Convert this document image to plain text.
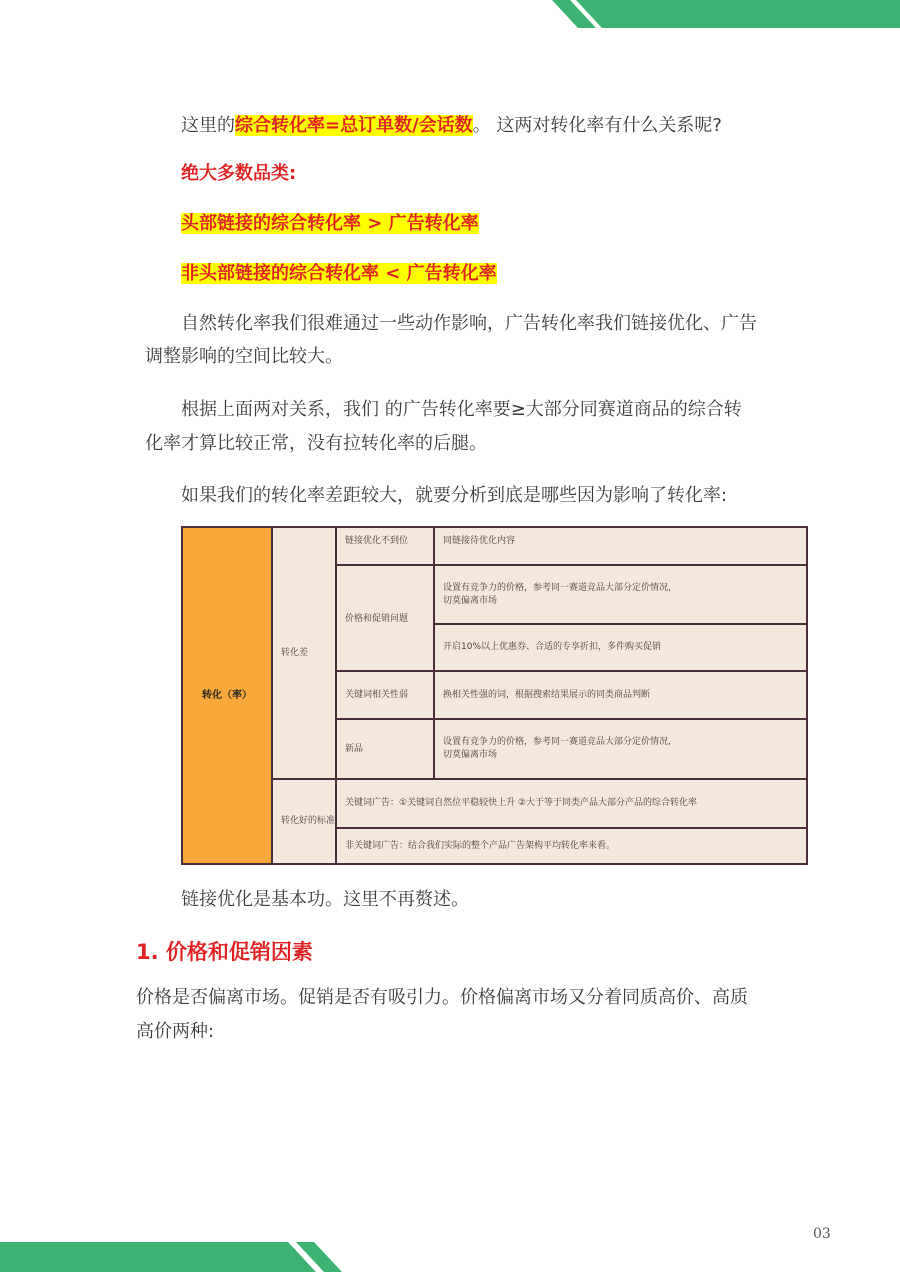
这里的综合转化率=总订单数/会话数。 这两对转化率有什么关系呢?

绝大多数品类:

头部链接的综合转化率 > 广告转化率

非头部链接的综合转化率 < 广告转化率

自然转化率我们很难通过一些动作影响，广告转化率我们链接优化、广告

调整影响的空间比较大。

根据上面两对关系，我们 的广告转化率要≥大部分同赛道商品的综合转

化率才算比较正常，没有拉转化率的后腿。

如果我们的转化率差距较大，就要分析到底是哪些因为影响了转化率:

转化（率）
转化差
转化好的标准
链接优化不到位
价格和促销问题
关键词相关性弱
新品
同链接待优化内容
设置有竞争力的价格，参考同一赛道竞品大部分定价情况，
切莫偏离市场
开启10%以上优惠券、合适的专享折扣，多件购买促销
换相关性强的词，根据搜索结果展示的同类商品判断
设置有竞争力的价格，参考同一赛道竞品大部分定价情况，
切莫偏离市场
关键词广告：①关键词自然位平稳较快上升 ②大于等于同类产品大部分产品的综合转化率
非关键词广告：结合我们实际的整个产品广告架构平均转化率来看。

链接优化是基本功。这里不再赘述。

1. 价格和促销因素

价格是否偏离市场。促销是否有吸引力。价格偏离市场又分着同质高价、高质

高价两种:

03
